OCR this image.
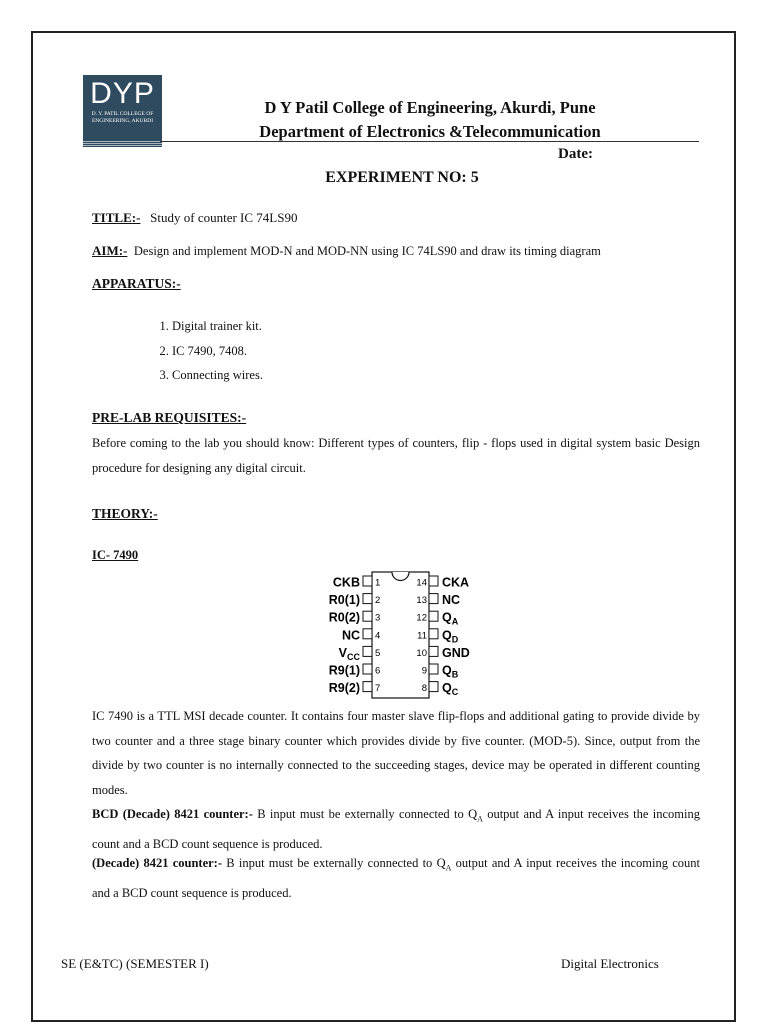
DYP
D. Y. PATIL COLLEGE OF ENGINEERING, AKURDI
D Y Patil College of Engineering, Akurdi, Pune
Department of Electronics &Telecommunication
Date:
EXPERIMENT NO: 5
TITLE:- Study of counter IC 74LS90
AIM:- Design and implement MOD-N and MOD-NN using IC 74LS90 and draw its timing diagram
APPARATUS:-
1. Digital trainer kit.
2. IC 7490, 7408.
3. Connecting wires.
PRE-LAB REQUISITES:-
Before coming to the lab you should know: Different types of counters, flip - flops used in digital system basic Design procedure for designing any digital circuit.
THEORY:-
IC- 7490
CKB 1
R0(1) 2
R0(2) 3
NC 4
$V_{CC}$ 5
R9(1) 6
R9(2) 7
CKA
14
NC
13
$Q_A$
12
$Q_D$
11
GND
10
$Q_B$
9
$Q_C$
8
IC 7490 is a TTL MSI decade counter. It contains four master slave flip-flops and additional gating to provide divide by two counter and a three stage binary counter which provides divide by five counter. (MOD-5). Since, output from the divide by two counter is no internally connected to the succeeding stages, device may be operated in different counting modes.
BCD (Decade) 8421 counter:- B input must be externally connected to $Q_A$ output and A input receives the incoming count and a BCD count sequence is produced.
(Decade) 8421 counter:- B input must be externally connected to $Q_A$ output and A input receives the incoming count and a BCD count sequence is produced.
SE (E&TC) (SEMESTER I)	Digital Electronics
